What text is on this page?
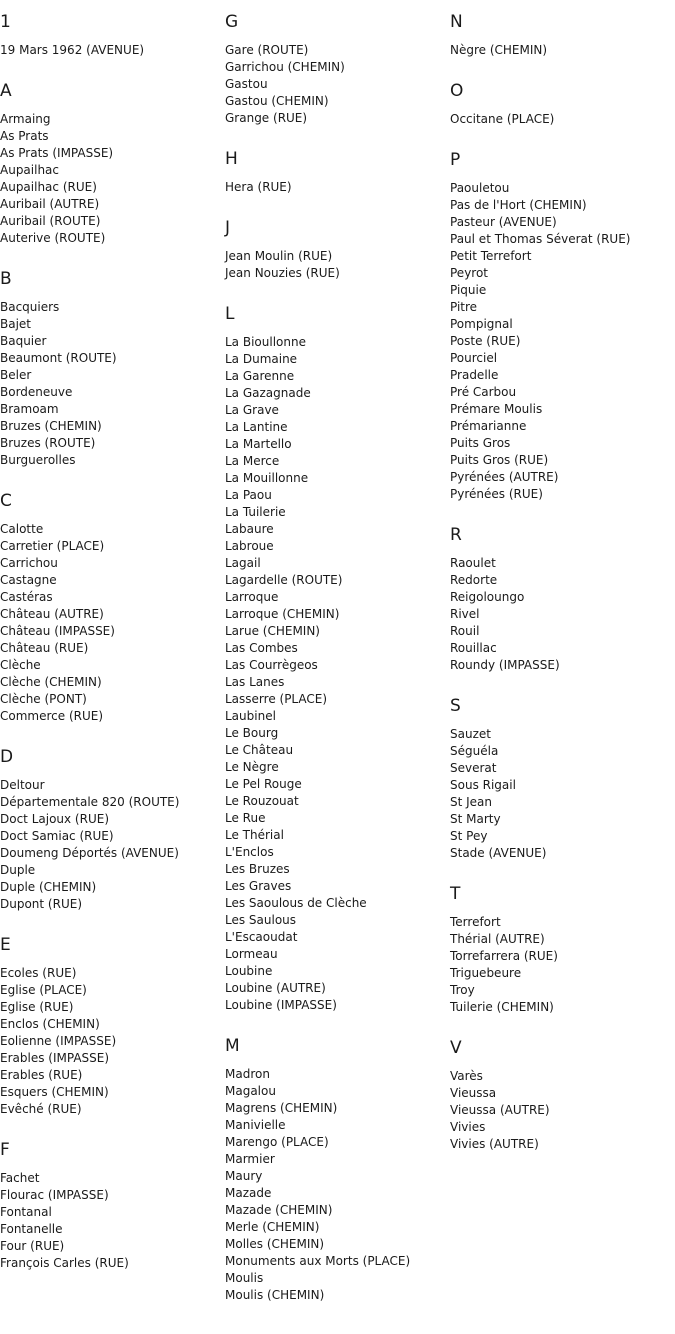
1
19 Mars 1962 (AVENUE)
A
Armaing
As Prats
As Prats (IMPASSE)
Aupailhac
Aupailhac (RUE)
Auribail (AUTRE)
Auribail (ROUTE)
Auterive (ROUTE)
B
Bacquiers
Bajet
Baquier
Beaumont (ROUTE)
Beler
Bordeneuve
Bramoam
Bruzes (CHEMIN)
Bruzes (ROUTE)
Burguerolles
C
Calotte
Carretier (PLACE)
Carrichou
Castagne
Castéras
Château (AUTRE)
Château (IMPASSE)
Château (RUE)
Clèche
Clèche (CHEMIN)
Clèche (PONT)
Commerce (RUE)
D
Deltour
Départementale 820 (ROUTE)
Doct Lajoux (RUE)
Doct Samiac (RUE)
Doumeng Déportés (AVENUE)
Duple
Duple (CHEMIN)
Dupont (RUE)
E
Ecoles (RUE)
Eglise (PLACE)
Eglise (RUE)
Enclos (CHEMIN)
Eolienne (IMPASSE)
Erables (IMPASSE)
Erables (RUE)
Esquers (CHEMIN)
Evêché (RUE)
F
Fachet
Flourac (IMPASSE)
Fontanal
Fontanelle
Four (RUE)
François Carles (RUE)
G
Gare (ROUTE)
Garrichou (CHEMIN)
Gastou
Gastou (CHEMIN)
Grange (RUE)
H
Hera (RUE)
J
Jean Moulin (RUE)
Jean Nouzies (RUE)
L
La Bioullonne
La Dumaine
La Garenne
La Gazagnade
La Grave
La Lantine
La Martello
La Merce
La Mouillonne
La Paou
La Tuilerie
Labaure
Labroue
Lagail
Lagardelle (ROUTE)
Larroque
Larroque (CHEMIN)
Larue (CHEMIN)
Las Combes
Las Courrègeos
Las Lanes
Lasserre (PLACE)
Laubinel
Le Bourg
Le Château
Le Nègre
Le Pel Rouge
Le Rouzouat
Le Rue
Le Thérial
L'Enclos
Les Bruzes
Les Graves
Les Saoulous de Clèche
Les Saulous
L'Escaoudat
Lormeau
Loubine
Loubine (AUTRE)
Loubine (IMPASSE)
M
Madron
Magalou
Magrens (CHEMIN)
Manivielle
Marengo (PLACE)
Marmier
Maury
Mazade
Mazade (CHEMIN)
Merle (CHEMIN)
Molles (CHEMIN)
Monuments aux Morts (PLACE)
Moulis
Moulis (CHEMIN)
N
Nègre (CHEMIN)
O
Occitane (PLACE)
P
Paouletou
Pas de l'Hort (CHEMIN)
Pasteur (AVENUE)
Paul et Thomas Séverat (RUE)
Petit Terrefort
Peyrot
Piquie
Pitre
Pompignal
Poste (RUE)
Pourciel
Pradelle
Pré Carbou
Prémare Moulis
Prémarianne
Puits Gros
Puits Gros (RUE)
Pyrénées (AUTRE)
Pyrénées (RUE)
R
Raoulet
Redorte
Reigoloungo
Rivel
Rouil
Rouillac
Roundy (IMPASSE)
S
Sauzet
Séguéla
Severat
Sous Rigail
St Jean
St Marty
St Pey
Stade (AVENUE)
T
Terrefort
Thérial (AUTRE)
Torrefarrera (RUE)
Triguebeure
Troy
Tuilerie (CHEMIN)
V
Varès
Vieussa
Vieussa (AUTRE)
Vivies
Vivies (AUTRE)
